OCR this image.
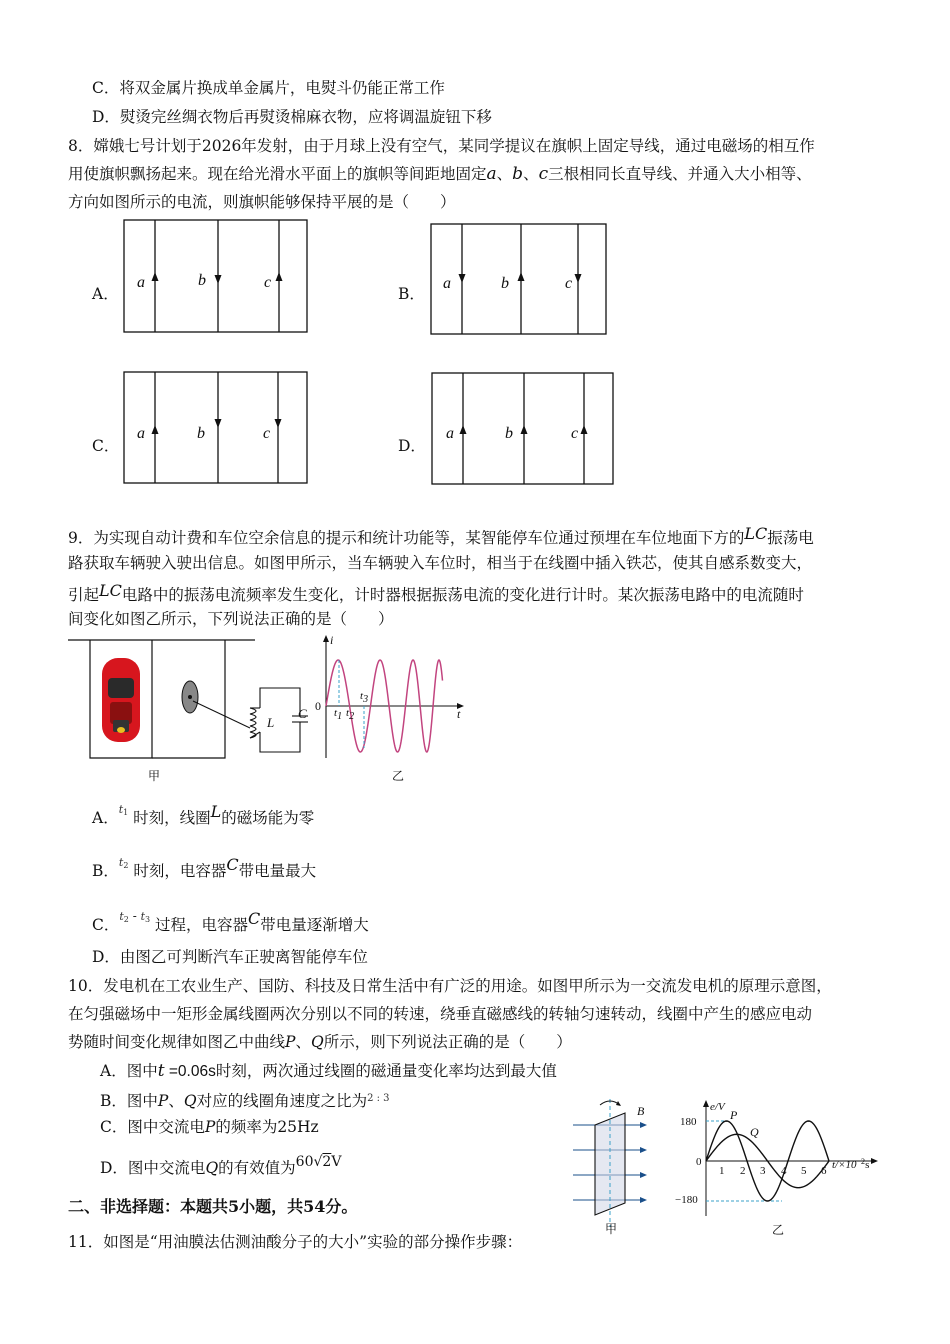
C．将双金属片换成单金属片，电熨斗仍能正常工作
D．熨烫完丝绸衣物后再熨烫棉麻衣物，应将调温旋钮下移
8．嫦娥七号计划于2026年发射，由于月球上没有空气，某同学提议在旗帜上固定导线，通过电磁场的相互作
用使旗帜飘扬起来。现在给光滑水平面上的旗帜等间距地固定a、b、c三根相同长直导线、并通入大小相等、
方向如图所示的电流，则旗帜能够保持平展的是（　　）
A．	B．
C．	D．
a	b	c	a	b	c
a	b	c	a	b	c
9．为实现自动计费和车位空余信息的提示和统计功能等，某智能停车位通过预埋在车位地面下方的LC振荡电
路获取车辆驶入驶出信息。如图甲所示，当车辆驶入车位时，相当于在线圈中插入铁芯，使其自感系数变大，
引起LC电路中的振荡电流频率发生变化，计时器根据振荡电流的变化进行计时。某次振荡电路中的电流随时
间变化如图乙所示，下列说法正确的是（　　）
L
C
甲
i
t
0 t1 t2
t3
乙
A．$^{t1}$ 时刻，线圈L的磁场能为零
B．$^{t2}$ 时刻，电容器C带电量最大
C．$^{t2}$ - $^{t3}$ 过程，电容器C带电量逐渐增大
D．由图乙可判断汽车正驶离智能停车位
10．发电机在工农业生产、国防、科技及日常生活中有广泛的用途。如图甲所示为一交流发电机的原理示意图，
在匀强磁场中一矩形金属线圈两次分别以不同的转速，绕垂直磁感线的转轴匀速转动，线圈中产生的感应电动
势随时间变化规律如图乙中曲线P、Q所示，则下列说法正确的是（　　）
A．图中t =0.06s时刻，两次通过线圈的磁通量变化率均达到最大值
B．图中P、Q对应的线圈角速度之比为$^{2 : 3}$
C．图中交流电P的频率为25Hz
D．图中交流电Q的有效值为60√2V
B
甲
e/V
180
−180
0
1 2 3 4 5 6 $t/\times 10^{-2}s$
P
Q
乙
二、非选择题：本题共5小题，共54分。
11．如图是“用油膜法估测油酸分子的大小”实验的部分操作步骤：
